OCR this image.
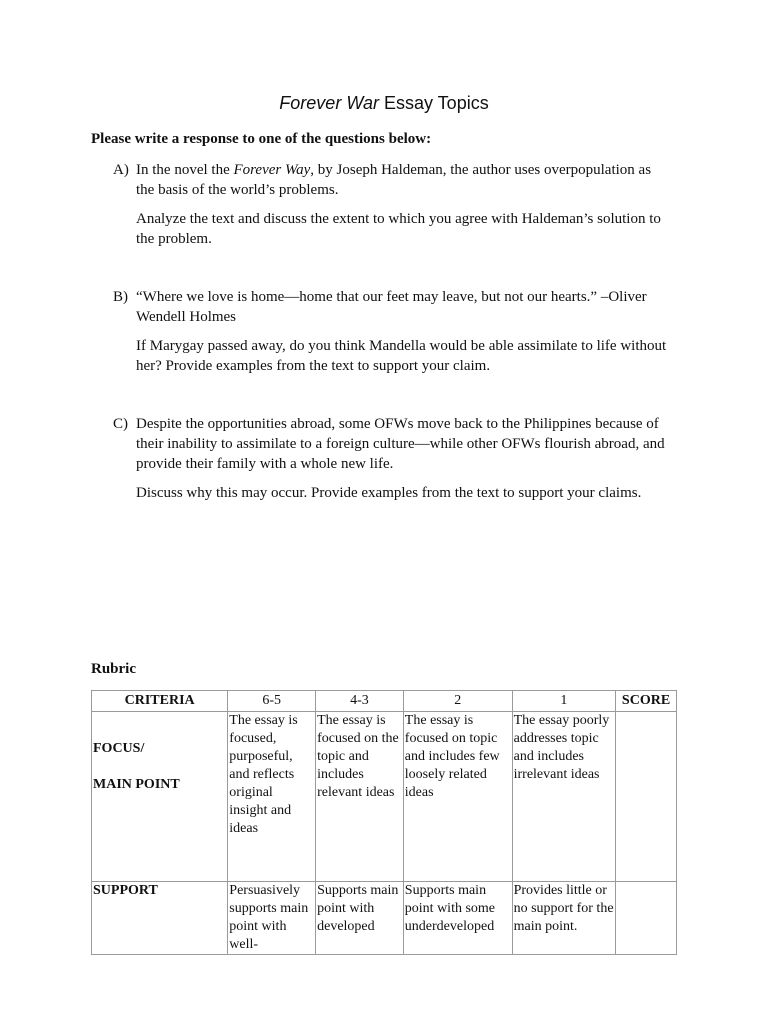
Forever War Essay Topics
Please write a response to one of the questions below:
A) In the novel the Forever Way, by Joseph Haldeman, the author uses overpopulation as the basis of the world’s problems.

Analyze the text and discuss the extent to which you agree with Haldeman’s solution to the problem.

B) “Where we love is home—home that our feet may leave, but not our hearts.” –Oliver Wendell Holmes

If Marygay passed away, do you think Mandella would be able assimilate to life without her? Provide examples from the text to support your claim.

C) Despite the opportunities abroad, some OFWs move back to the Philippines because of their inability to assimilate to a foreign culture—while other OFWs flourish abroad, and provide their family with a whole new life.

Discuss why this may occur. Provide examples from the text to support your claims.

Rubric
CRITERIA	6-5	4-3	2	1	SCORE

FOCUS/
MAIN POINT	The essay is focused, purposeful, and reflects original insight and ideas	The essay is focused on the topic and includes relevant ideas	The essay is focused on topic and includes few loosely related ideas	The essay poorly addresses topic and includes irrelevant ideas	
SUPPORT	Persuasively supports main point with well-	Supports main point with developed	Supports main point with some underdeveloped	Provides little or no support for the main point.	
